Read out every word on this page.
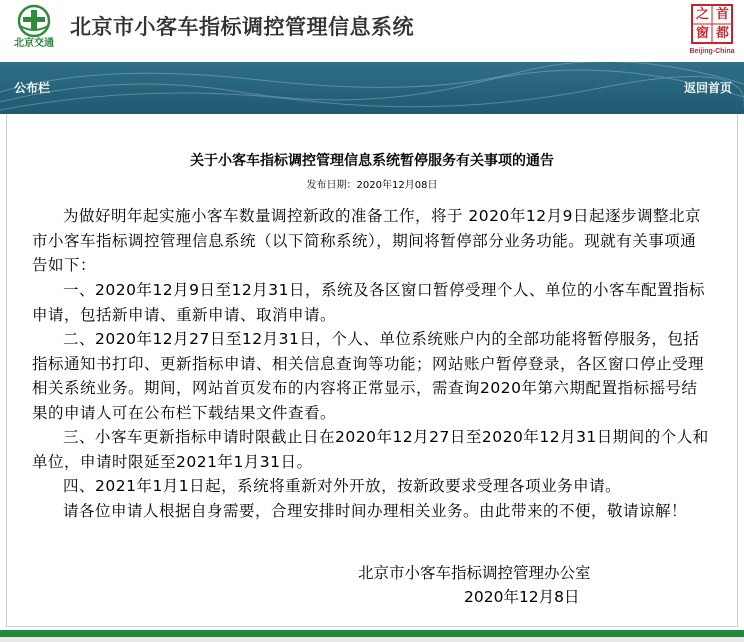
北京交通
北京市小客车指标调控管理信息系统
之 首
窗 都
Beijing-China
公布栏	返回首页
关于小客车指标调控管理信息系统暂停服务有关事项的通告
发布日期：2020年12月08日

为做好明年起实施小客车数量调控新政的准备工作，将于 2020年12月9日起逐步调整北京市小客车指标调控管理信息系统（以下简称系统），期间将暂停部分业务功能。现就有关事项通告如下：

一、2020年12月9日至12月31日，系统及各区窗口暂停受理个人、单位的小客车配置指标申请，包括新申请、重新申请、取消申请。

二、2020年12月27日至12月31日，个人、单位系统账户内的全部功能将暂停服务，包括指标通知书打印、更新指标申请、相关信息查询等功能；网站账户暂停登录，各区窗口停止受理相关系统业务。期间，网站首页发布的内容将正常显示，需查询2020年第六期配置指标摇号结果的申请人可在公布栏下载结果文件查看。

三、小客车更新指标申请时限截止日在2020年12月27日至2020年12月31日期间的个人和单位，申请时限延至2021年1月31日。

四、2021年1月1日起，系统将重新对外开放，按新政要求受理各项业务申请。

请各位申请人根据自身需要，合理安排时间办理相关业务。由此带来的不便，敬请谅解！

北京市小客车指标调控管理办公室
2020年12月8日
